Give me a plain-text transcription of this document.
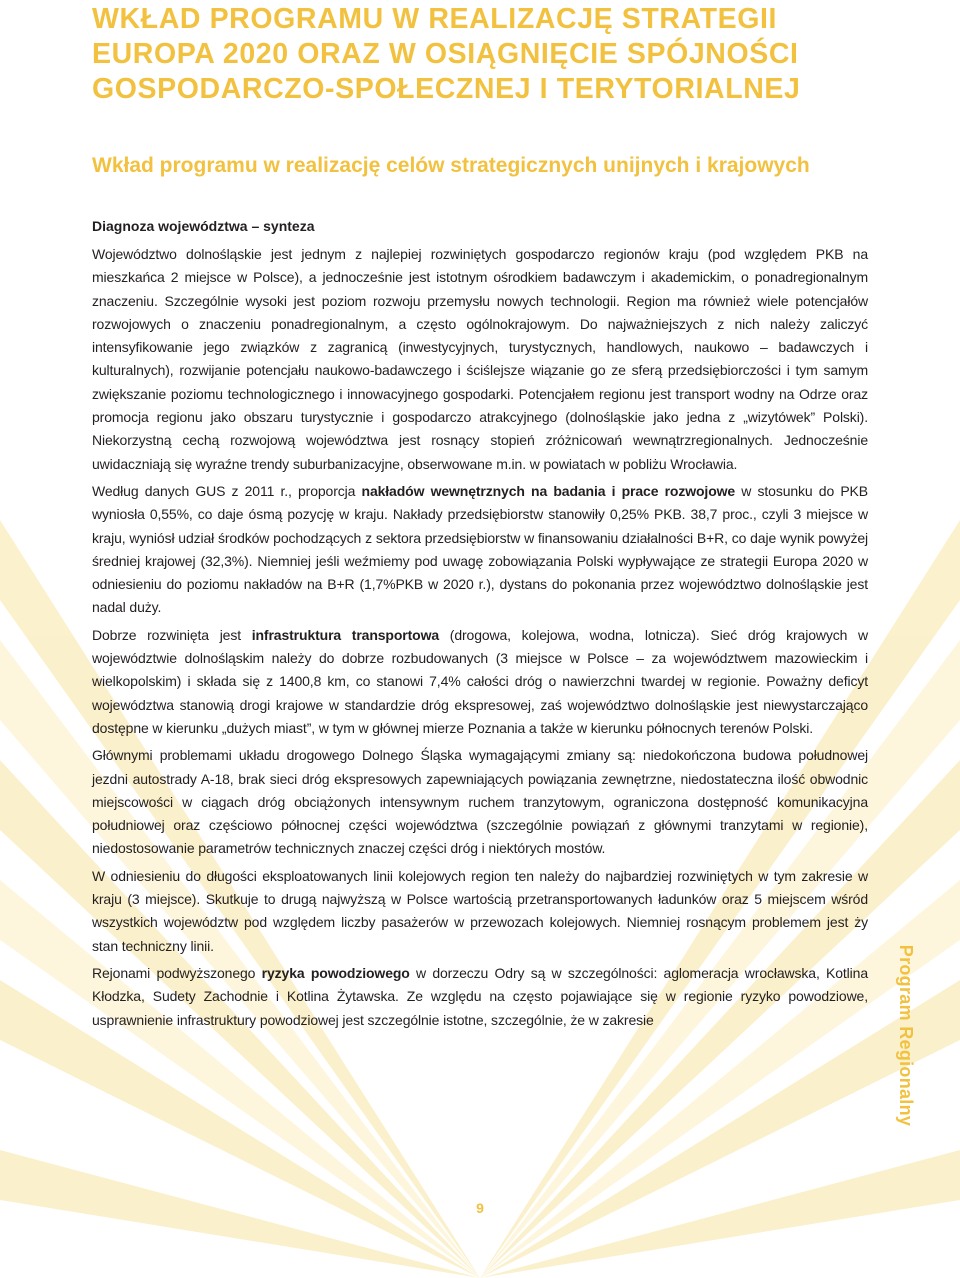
WKŁAD PROGRAMU W REALIZACJĘ STRATEGII
EUROPA 2020 ORAZ W OSIĄGNIĘCIE SPÓJNOŚCI
GOSPODARCZO-SPOŁECZNEJ I TERYTORIALNEJ
Wkład programu w realizację celów strategicznych unijnych i krajowych
Diagnoza województwa – synteza

Województwo dolnośląskie jest jednym z najlepiej rozwiniętych gospodarczo regionów kraju (pod względem PKB na mieszkańca 2 miejsce w Polsce), a jednocześnie jest istotnym ośrodkiem badawczym i akademickim, o ponadregionalnym znaczeniu. Szczególnie wysoki jest poziom rozwoju przemysłu nowych technologii. Region ma również wiele potencjałów rozwojowych o znaczeniu ponadregionalnym, a często ogólnokrajowym. Do najważniejszych z nich należy zaliczyć intensyfikowanie jego związków z zagranicą (inwestycyjnych, turystycznych, handlowych, naukowo – badawczych i kulturalnych), rozwijanie potencjału naukowo-badawczego i ściślejsze wiązanie go ze sferą przedsiębiorczości i tym samym zwiększanie poziomu technologicznego i innowacyjnego gospodarki. Potencjałem regionu jest transport wodny na Odrze oraz promocja regionu jako obszaru turystycznie i gospodarczo atrakcyjnego (dolnośląskie jako jedna z „wizytówek” Polski). Niekorzystną cechą rozwojową województwa jest rosnący stopień zróżnicowań wewnątrzregionalnych. Jednocześnie uwidaczniają się wyraźne trendy suburbanizacyjne, obserwowane m.in. w powiatach w pobliżu Wrocławia.

Według danych GUS z 2011 r., proporcja nakładów wewnętrznych na badania i prace rozwojowe w stosunku do PKB wyniosła 0,55%, co daje ósmą pozycję w kraju. Nakłady przedsiębiorstw stanowiły 0,25% PKB. 38,7 proc., czyli 3 miejsce w kraju, wyniósł udział środków pochodzących z sektora przedsiębiorstw w finansowaniu działalności B+R, co daje wynik powyżej średniej krajowej (32,3%). Niemniej jeśli weźmiemy pod uwagę zobowiązania Polski wypływające ze strategii Europa 2020 w odniesieniu do poziomu nakładów na B+R (1,7%PKB w 2020 r.), dystans do pokonania przez województwo dolnośląskie jest nadal duży.

Dobrze rozwinięta jest infrastruktura transportowa (drogowa, kolejowa, wodna, lotnicza). Sieć dróg krajowych w województwie dolnośląskim należy do dobrze rozbudowanych (3 miejsce w Polsce – za województwem mazowieckim i wielkopolskim) i składa się z 1400,8 km, co stanowi 7,4% całości dróg o nawierzchni twardej w regionie. Poważny deficyt województwa stanowią drogi krajowe w standardzie dróg ekspresowej, zaś województwo dolnośląskie jest niewystarczająco dostępne w kierunku „dużych miast”, w tym w głównej mierze Poznania a także w kierunku północnych terenów Polski.

Głównymi problemami układu drogowego Dolnego Śląska wymagającymi zmiany są: niedokończona budowa połudnowej jezdni autostrady A-18, brak sieci dróg ekspresowych zapewniających powiązania zewnętrzne, niedostateczna ilość obwodnic miejscowości w ciągach dróg obciążonych intensywnym ruchem tranzytowym, ograniczona dostępność komunikacyjna południowej oraz częściowo północnej części województwa (szczególnie powiązań z głównymi tranzytami w regionie), niedostosowanie parametrów technicznych znaczej części dróg i niektórych mostów.

W odniesieniu do długości eksploatowanych linii kolejowych region ten należy do najbardziej rozwiniętych w tym zakresie w kraju (3 miejsce). Skutkuje to drugą najwyższą w Polsce wartością przetransportowanych ładunków oraz 5 miejscem wśród wszystkich województw pod względem liczby pasażerów w przewozach kolejowych. Niemniej rosnącym problemem jest ży stan techniczny linii.

Rejonami podwyższonego ryzyka powodziowego w dorzeczu Odry są w szczególności: aglomeracja wrocławska, Kotlina Kłodzka, Sudety Zachodnie i Kotlina Żytawska. Ze względu na często pojawiające się w regionie ryzyko powodziowe, usprawnienie infrastruktury powodziowej jest szczególnie istotne, szczególnie, że w zakresie	Program Regionalny
9
